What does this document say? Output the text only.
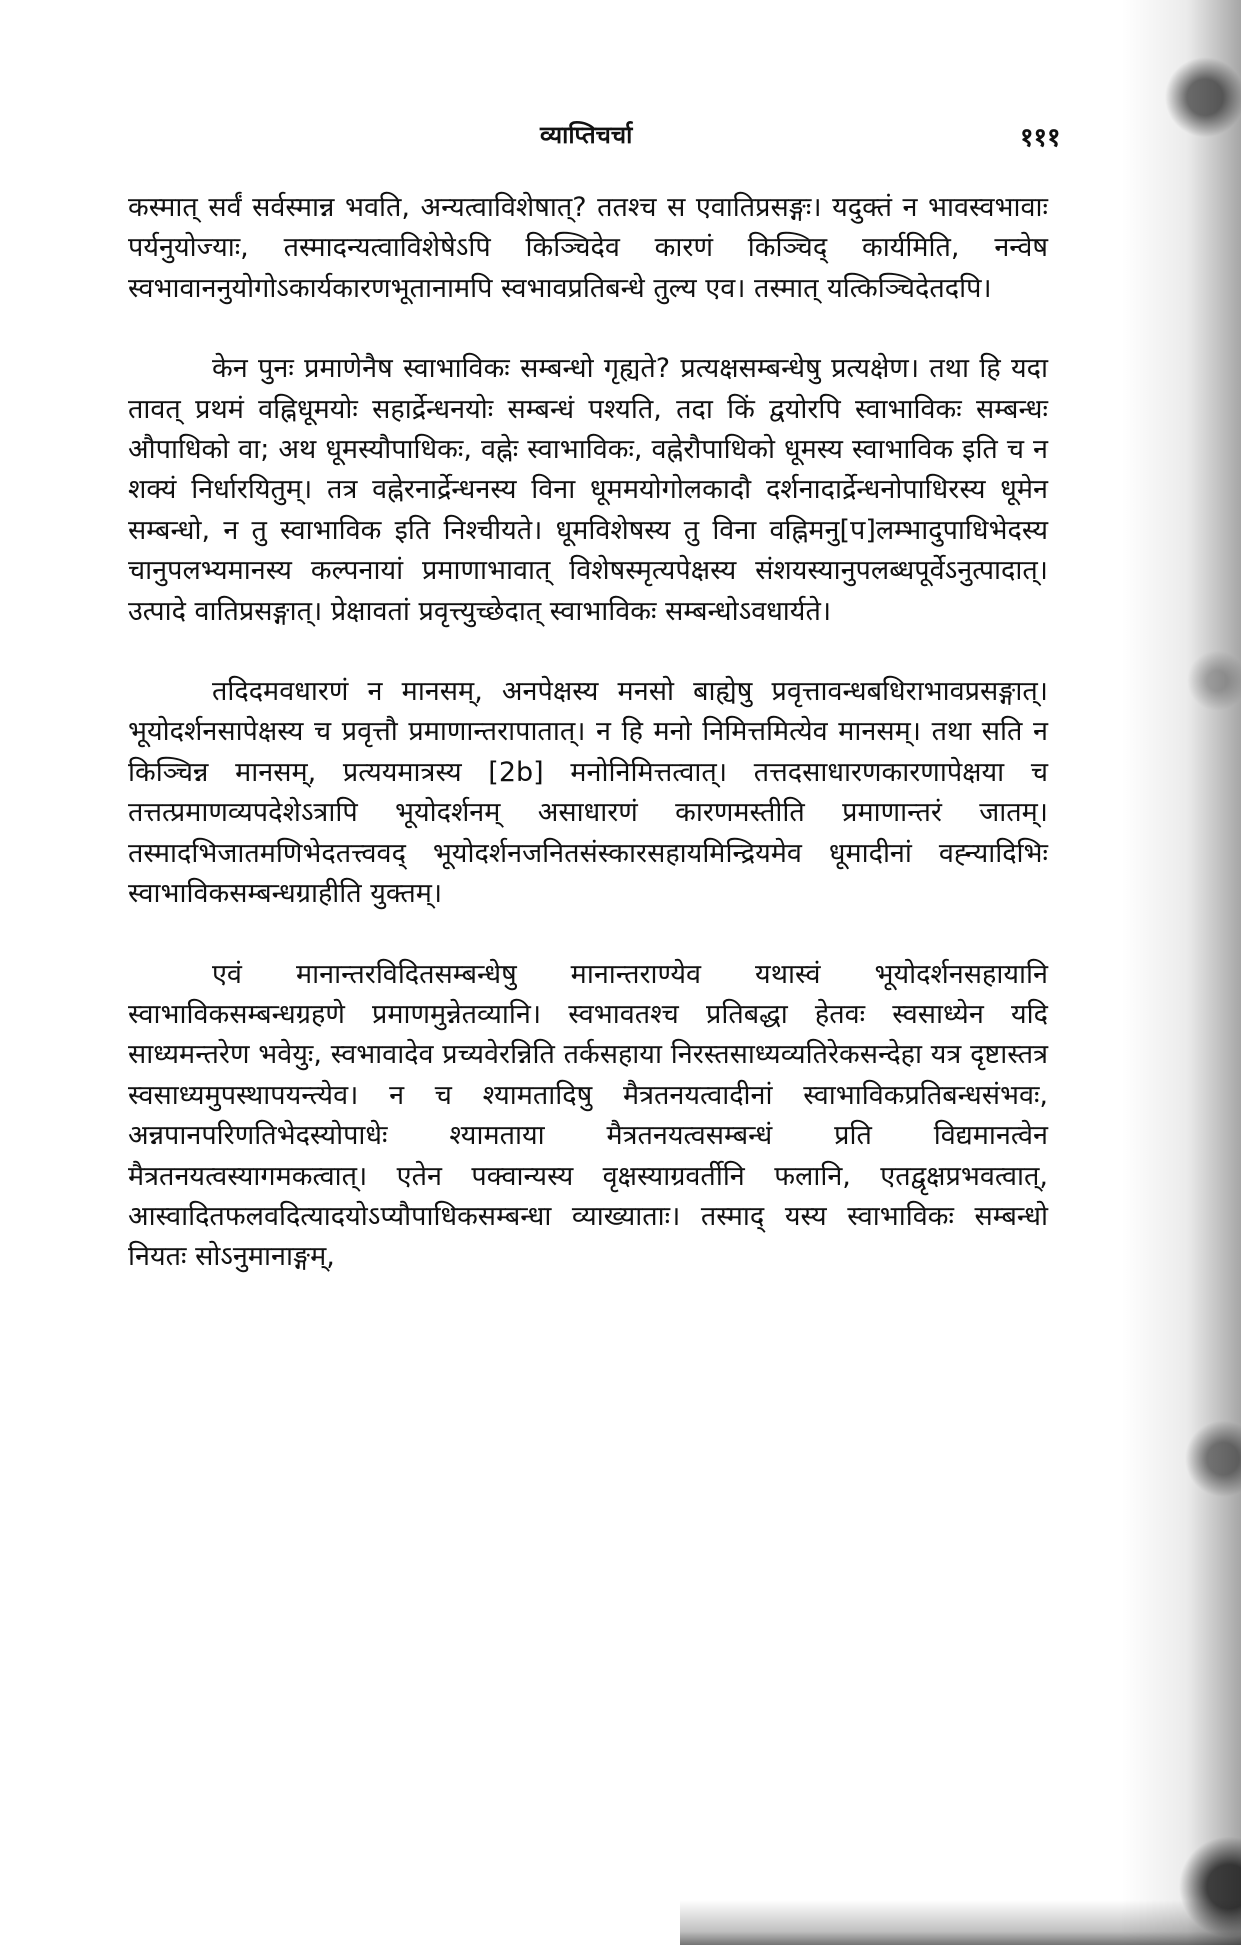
व्याप्तिचर्चा	१११

कस्मात् सर्वं सर्वस्मान्न भवति, अन्यत्वाविशेषात्? ततश्च स एवातिप्रसङ्गः। यदुक्तं न भावस्वभावाः पर्यनुयोज्याः, तस्मादन्यत्वाविशेषेऽपि किञ्चिदेव कारणं किञ्चिद् कार्यमिति, नन्वेष स्वभावाननुयोगोऽकार्यकारणभूतानामपि स्वभावप्रतिबन्धे तुल्य एव। तस्मात् यत्किञ्चिदेतदपि।

केन पुनः प्रमाणेनैष स्वाभाविकः सम्बन्धो गृह्यते? प्रत्यक्षसम्बन्धेषु प्रत्यक्षेण। तथा हि यदा तावत् प्रथमं वह्निधूमयोः सहार्द्रेन्धनयोः सम्बन्धं पश्यति, तदा किं द्वयोरपि स्वाभाविकः सम्बन्धः औपाधिको वा; अथ धूमस्यौपाधिकः, वह्नेः स्वाभाविकः, वह्नेरौपाधिको धूमस्य स्वाभाविक इति च न शक्यं निर्धारयितुम्। तत्र वह्नेरनार्द्रेन्धनस्य विना धूममयोगोलकादौ दर्शनादार्द्रेन्धनोपाधिरस्य धूमेन सम्बन्धो, न तु स्वाभाविक इति निश्चीयते। धूमविशेषस्य तु विना वह्निमनु[प]लम्भादुपाधिभेदस्य चानुपलभ्यमानस्य कल्पनायां प्रमाणाभावात् विशेषस्मृत्यपेक्षस्य संशयस्यानुपलब्धपूर्वेऽनुत्पादात्। उत्पादे वातिप्रसङ्गात्। प्रेक्षावतां प्रवृत्त्युच्छेदात् स्वाभाविकः सम्बन्धोऽवधार्यते।

तदिदमवधारणं न मानसम्, अनपेक्षस्य मनसो बाह्येषु प्रवृत्तावन्धबधिराभावप्रसङ्गात्। भूयोदर्शनसापेक्षस्य च प्रवृत्तौ प्रमाणान्तरापातात्। न हि मनो निमित्तमित्येव मानसम्। तथा सति न किञ्चिन्न मानसम्, प्रत्ययमात्रस्य [2b] मनोनिमित्तत्वात्। तत्तदसाधारणकारणापेक्षया च तत्तत्प्रमाणव्यपदेशेऽत्रापि भूयोदर्शनम् असाधारणं कारणमस्तीति प्रमाणान्तरं जातम्। तस्मादभिजातमणिभेदतत्त्ववद् भूयोदर्शनजनितसंस्कारसहायमिन्द्रियमेव धूमादीनां वह्न्यादिभिः स्वाभाविकसम्बन्धग्राहीति युक्तम्।

एवं मानान्तरविदितसम्बन्धेषु मानान्तराण्येव यथास्वं भूयोदर्शनसहायानि स्वाभाविकसम्बन्धग्रहणे प्रमाणमुन्नेतव्यानि। स्वभावतश्च प्रतिबद्धा हेतवः स्वसाध्येन यदि साध्यमन्तरेण भवेयुः, स्वभावादेव प्रच्यवेरन्निति तर्कसहाया निरस्तसाध्यव्यतिरेकसन्देहा यत्र दृष्टास्तत्र स्वसाध्यमुपस्थापयन्त्येव। न च श्यामतादिषु मैत्रतनयत्वादीनां स्वाभाविकप्रतिबन्धसंभवः, अन्नपानपरिणतिभेदस्योपाधेः श्यामताया मैत्रतनयत्वसम्बन्धं प्रति विद्यमानत्वेन मैत्रतनयत्वस्यागमकत्वात्। एतेन पक्वान्यस्य वृक्षस्याग्रवर्तीनि फलानि, एतद्वृक्षप्रभवत्वात्, आस्वादितफलवदित्यादयोऽप्यौपाधिकसम्बन्धा व्याख्याताः। तस्माद् यस्य स्वाभाविकः सम्बन्धो नियतः सोऽनुमानाङ्गम्,
